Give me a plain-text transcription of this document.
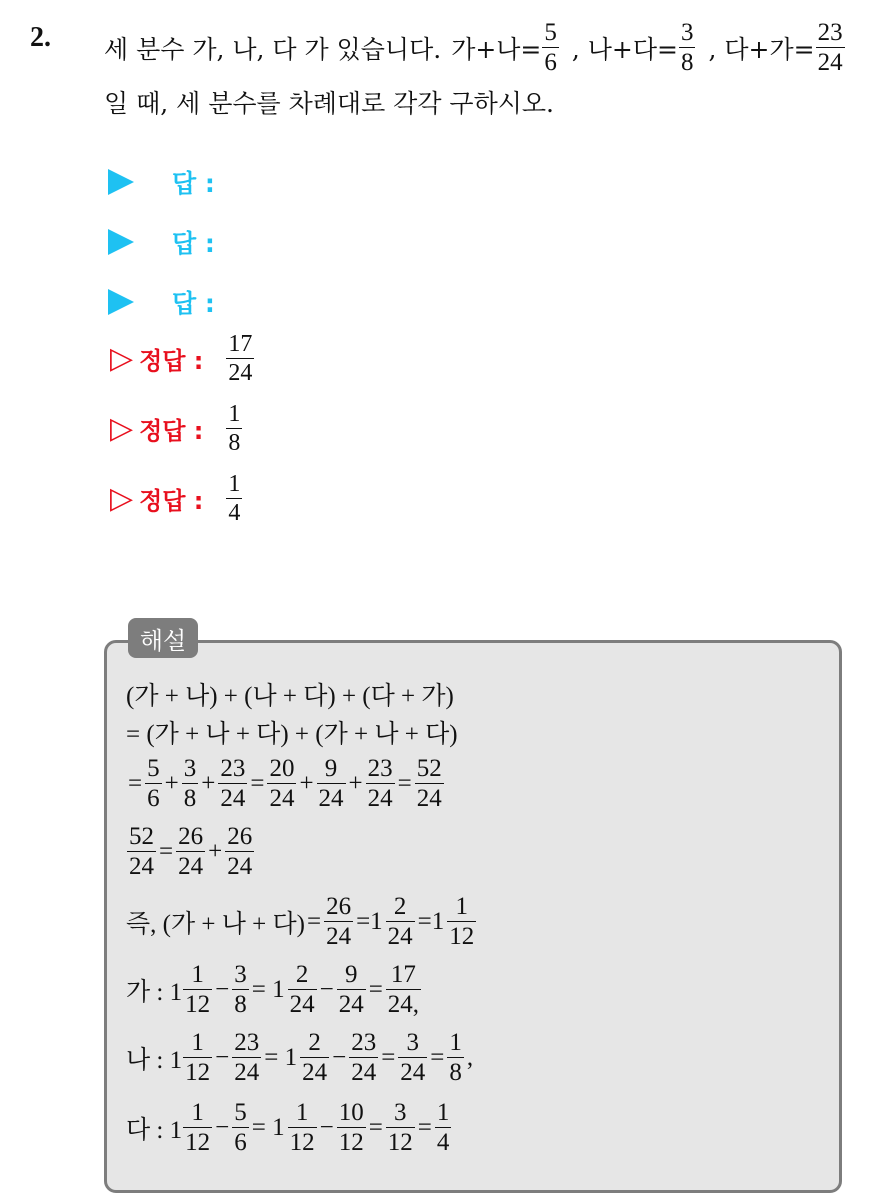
2. 세 분수 가, 나, 다 가 있습니다. 가+나= $\frac{5}{6}$ , 나+다= $\frac{3}{8}$ , 다+가= $\frac{23}{24}$
일 때, 세 분수를 차례대로 각각 구하시오.
답 :
답 :
답 :
▷ 정답 : $\frac{17}{24}$
▷ 정답 : $\frac{1}{8}$
▷ 정답 : $\frac{1}{4}$
해설
(가 + 나) + (나 + 다) + (다 + 가)
= (가 + 나 + 다) + (가 + 나 + 다)
= $\frac{5}{6} + \frac{3}{8} + \frac{23}{24} = \frac{20}{24} + \frac{9}{24} + \frac{23}{24} = \frac{52}{24}$
$\frac{52}{24} = \frac{26}{24} + \frac{26}{24}$
즉, (가 + 나 + 다) = $\frac{26}{24} =1 \frac{2}{24} =1 \frac{1}{12}$
가 : $1 \frac{1}{12} - \frac{3}{8} = 1 \frac{2}{24} - \frac{9}{24} = \frac{17}{24,}$
나 : $1 \frac{1}{12} - \frac{23}{24} = 1 \frac{2}{24} - \frac{23}{24} = \frac{3}{24} = \frac{1}{8}$ ,
다 : $1 \frac{1}{12} - \frac{5}{6} = 1 \frac{1}{12} - \frac{10}{12} = \frac{3}{12} = \frac{1}{4}$
